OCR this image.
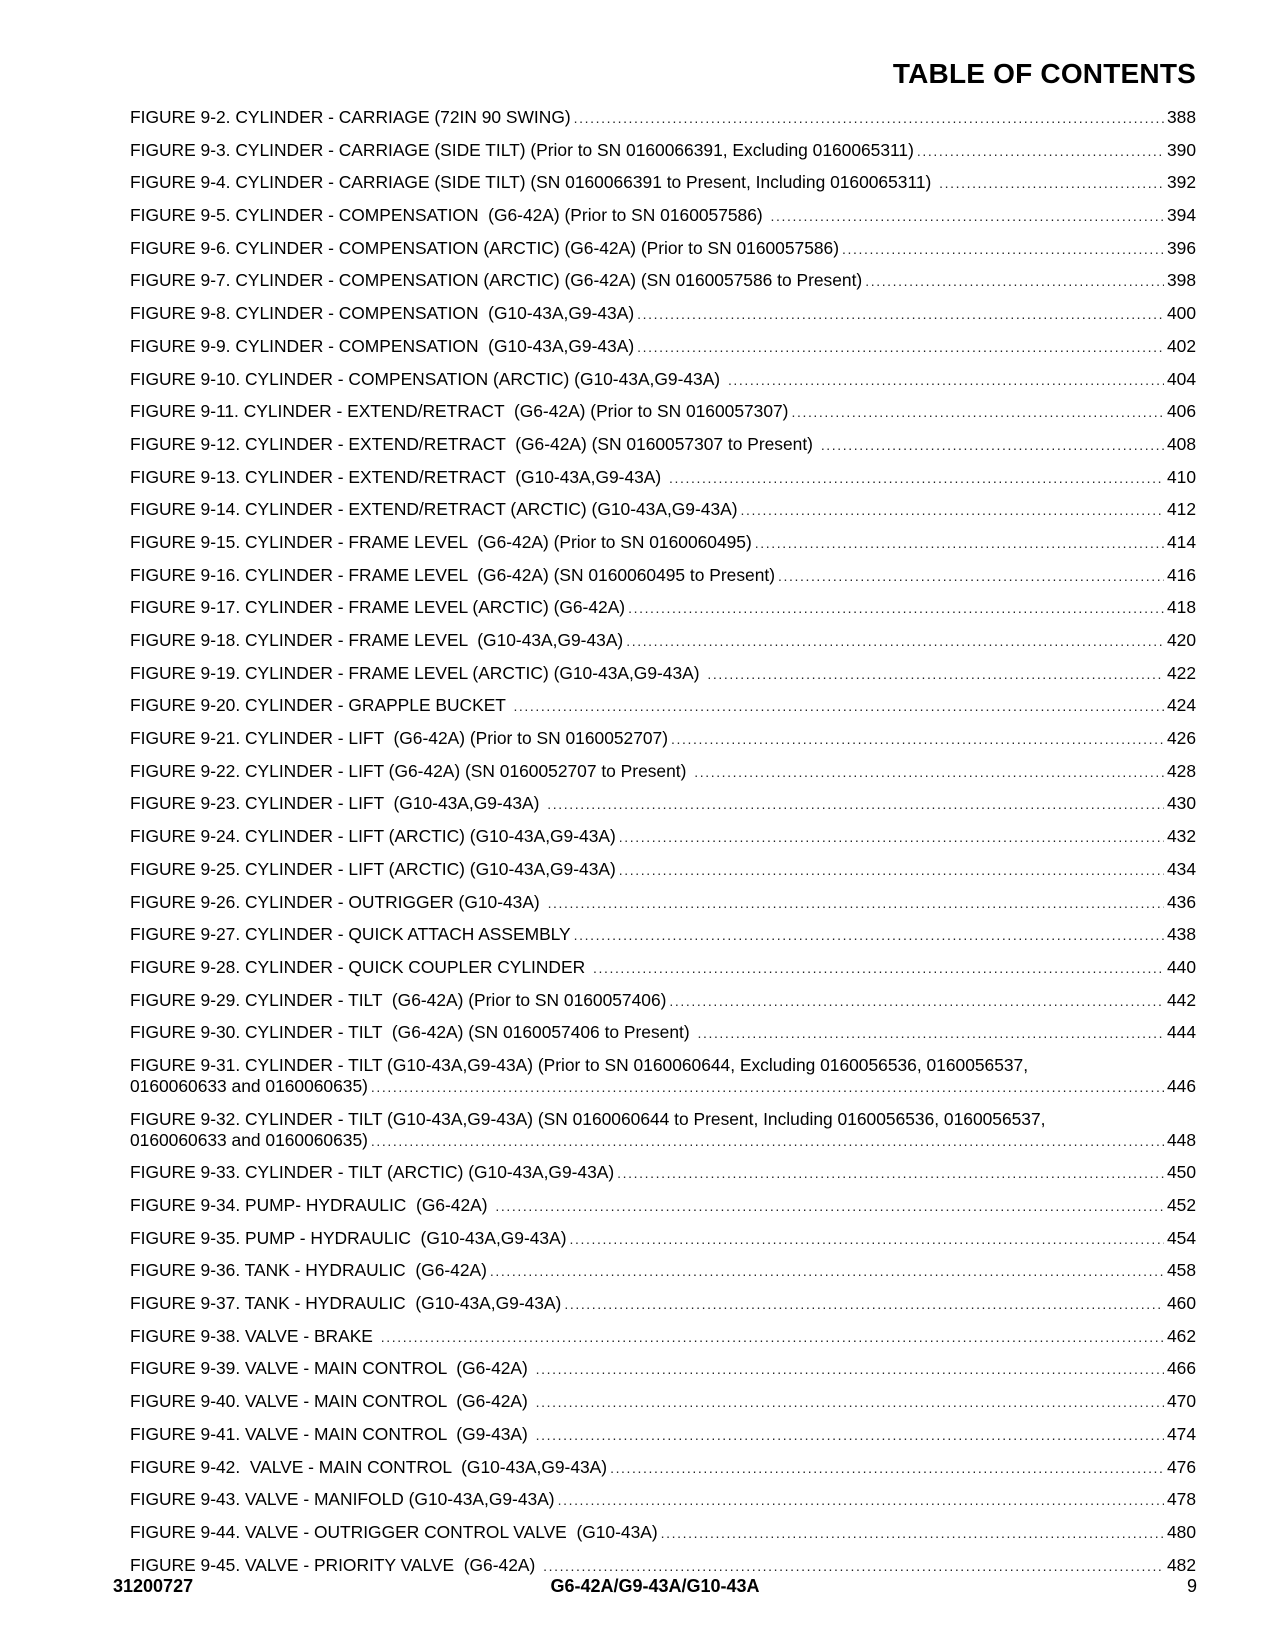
TABLE OF CONTENTS
FIGURE 9-2. CYLINDER - CARRIAGE (72IN 90 SWING) .....	388
FIGURE 9-3. CYLINDER - CARRIAGE (SIDE TILT) (Prior to SN 0160066391, Excluding 0160065311) .....	390
FIGURE 9-4. CYLINDER - CARRIAGE (SIDE TILT) (SN 0160066391 to Present, Including 0160065311) .....	392
FIGURE 9-5. CYLINDER - COMPENSATION  (G6-42A) (Prior to SN 0160057586) .....	394
FIGURE 9-6. CYLINDER - COMPENSATION (ARCTIC) (G6-42A) (Prior to SN 0160057586) .....	396
FIGURE 9-7. CYLINDER - COMPENSATION (ARCTIC) (G6-42A) (SN 0160057586 to Present) .....	398
FIGURE 9-8. CYLINDER - COMPENSATION  (G10-43A,G9-43A) .....	400
FIGURE 9-9. CYLINDER - COMPENSATION  (G10-43A,G9-43A) .....	402
FIGURE 9-10. CYLINDER - COMPENSATION (ARCTIC) (G10-43A,G9-43A) .....	404
FIGURE 9-11. CYLINDER - EXTEND/RETRACT  (G6-42A) (Prior to SN 0160057307) .....	406
FIGURE 9-12. CYLINDER - EXTEND/RETRACT  (G6-42A) (SN 0160057307 to Present) .....	408
FIGURE 9-13. CYLINDER - EXTEND/RETRACT  (G10-43A,G9-43A) .....	410
FIGURE 9-14. CYLINDER - EXTEND/RETRACT (ARCTIC) (G10-43A,G9-43A) .....	412
FIGURE 9-15. CYLINDER - FRAME LEVEL  (G6-42A) (Prior to SN 0160060495) .....	414
FIGURE 9-16. CYLINDER - FRAME LEVEL  (G6-42A) (SN 0160060495 to Present) .....	416
FIGURE 9-17. CYLINDER - FRAME LEVEL (ARCTIC) (G6-42A) .....	418
FIGURE 9-18. CYLINDER - FRAME LEVEL  (G10-43A,G9-43A) .....	420
FIGURE 9-19. CYLINDER - FRAME LEVEL (ARCTIC) (G10-43A,G9-43A) .....	422
FIGURE 9-20. CYLINDER - GRAPPLE BUCKET .....	424
FIGURE 9-21. CYLINDER - LIFT  (G6-42A) (Prior to SN 0160052707) .....	426
FIGURE 9-22. CYLINDER - LIFT (G6-42A) (SN 0160052707 to Present) .....	428
FIGURE 9-23. CYLINDER - LIFT  (G10-43A,G9-43A) .....	430
FIGURE 9-24. CYLINDER - LIFT (ARCTIC) (G10-43A,G9-43A) .....	432
FIGURE 9-25. CYLINDER - LIFT (ARCTIC) (G10-43A,G9-43A) .....	434
FIGURE 9-26. CYLINDER - OUTRIGGER (G10-43A) .....	436
FIGURE 9-27. CYLINDER - QUICK ATTACH ASSEMBLY .....	438
FIGURE 9-28. CYLINDER - QUICK COUPLER CYLINDER .....	440
FIGURE 9-29. CYLINDER - TILT  (G6-42A) (Prior to SN 0160057406) .....	442
FIGURE 9-30. CYLINDER - TILT  (G6-42A) (SN 0160057406 to Present) .....	444
FIGURE 9-31. CYLINDER - TILT (G10-43A,G9-43A) (Prior to SN 0160060644, Excluding 0160056536, 0160056537,
0160060633 and 0160060635) .....	446
FIGURE 9-32. CYLINDER - TILT (G10-43A,G9-43A) (SN 0160060644 to Present, Including 0160056536, 0160056537,
0160060633 and 0160060635) .....	448
FIGURE 9-33. CYLINDER - TILT (ARCTIC) (G10-43A,G9-43A) .....	450
FIGURE 9-34. PUMP- HYDRAULIC  (G6-42A) .....	452
FIGURE 9-35. PUMP - HYDRAULIC  (G10-43A,G9-43A) .....	454
FIGURE 9-36. TANK - HYDRAULIC  (G6-42A) .....	458
FIGURE 9-37. TANK - HYDRAULIC  (G10-43A,G9-43A) .....	460
FIGURE 9-38. VALVE - BRAKE .....	462
FIGURE 9-39. VALVE - MAIN CONTROL  (G6-42A) .....	466
FIGURE 9-40. VALVE - MAIN CONTROL  (G6-42A) .....	470
FIGURE 9-41. VALVE - MAIN CONTROL  (G9-43A) .....	474
FIGURE 9-42.  VALVE - MAIN CONTROL  (G10-43A,G9-43A) .....	476
FIGURE 9-43. VALVE - MANIFOLD (G10-43A,G9-43A) .....	478
FIGURE 9-44. VALVE - OUTRIGGER CONTROL VALVE  (G10-43A) .....	480
FIGURE 9-45. VALVE - PRIORITY VALVE  (G6-42A) .....	482
31200727	G6-42A/G9-43A/G10-43A	9
